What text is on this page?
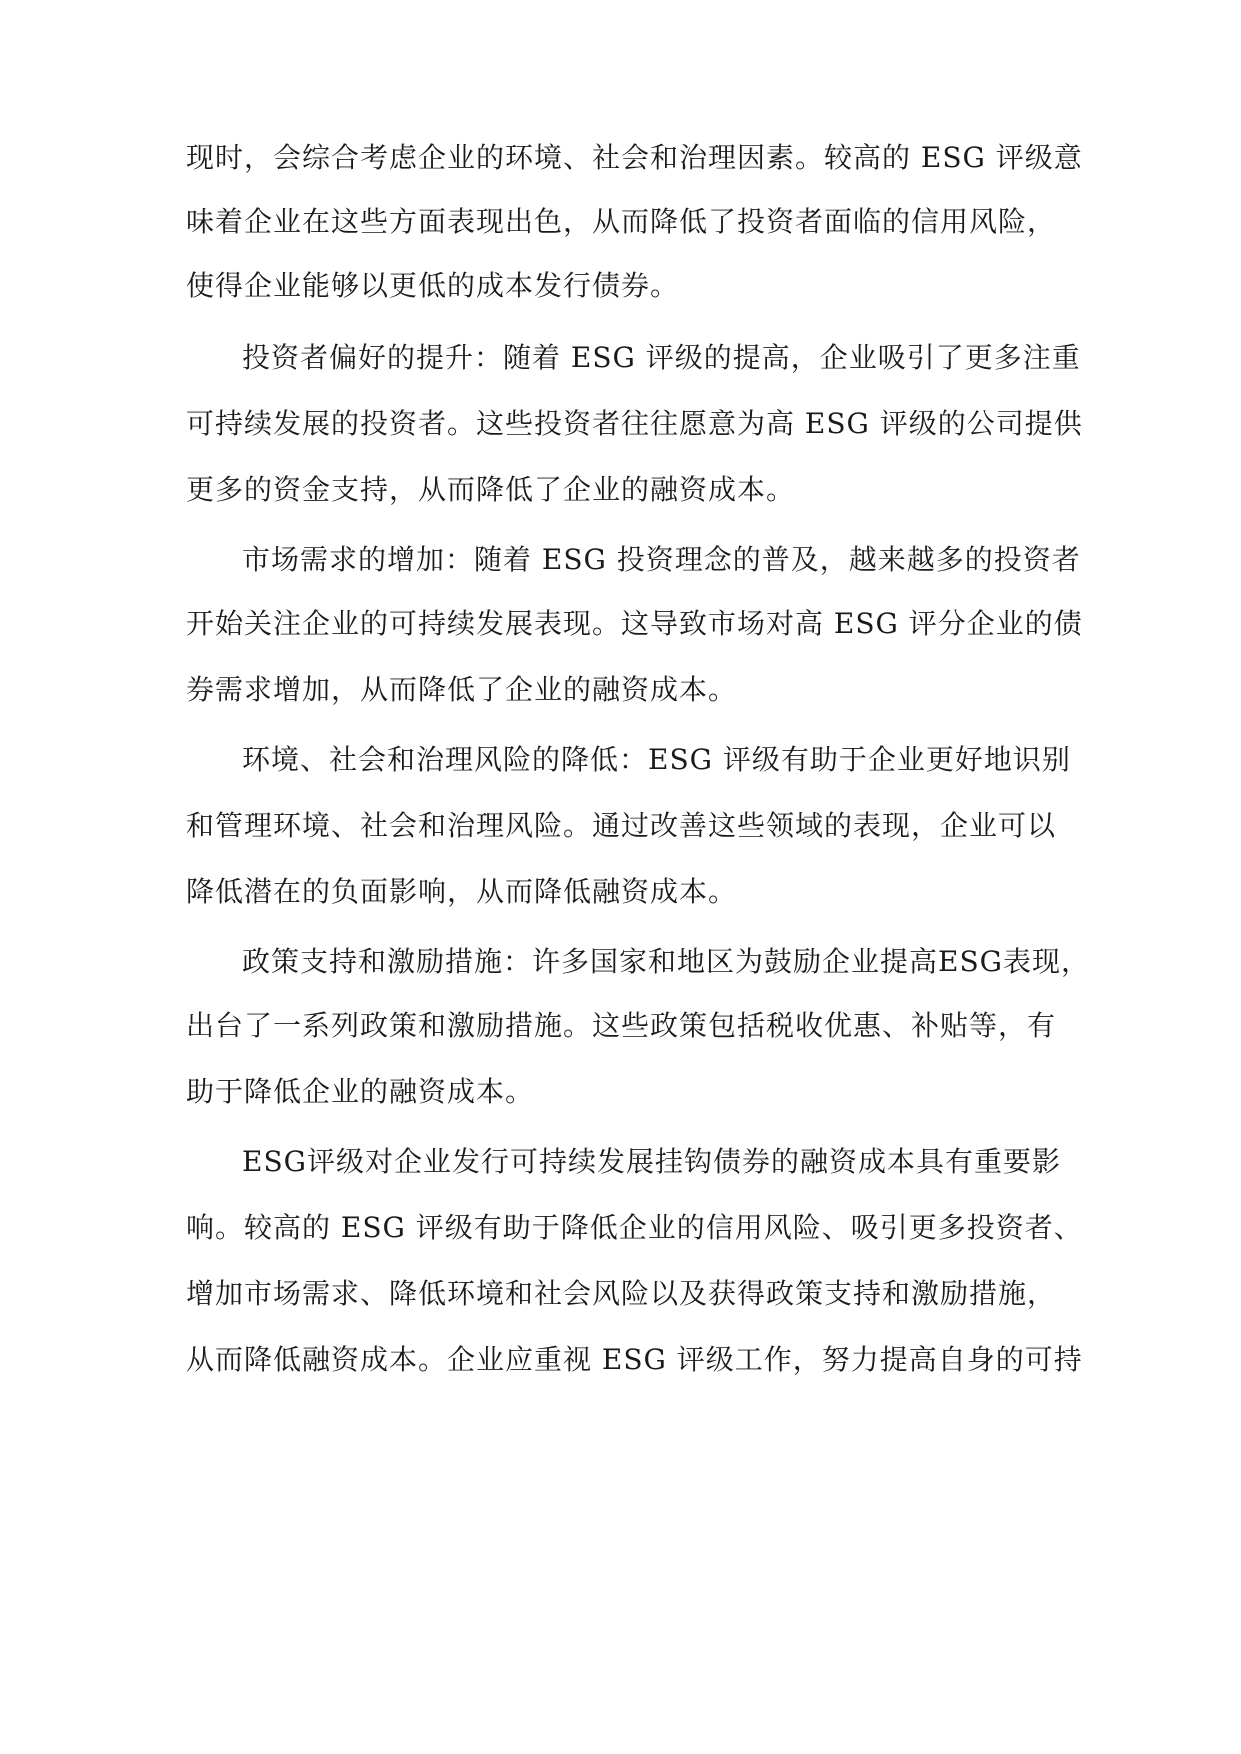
现时，会综合考虑企业的环境、社会和治理因素。较高的 ESG 评级意
味着企业在这些方面表现出色，从而降低了投资者面临的信用风险，
使得企业能够以更低的成本发行债券。
投资者偏好的提升：随着 ESG 评级的提高，企业吸引了更多注重
可持续发展的投资者。这些投资者往往愿意为高 ESG 评级的公司提供
更多的资金支持，从而降低了企业的融资成本。
市场需求的增加：随着 ESG 投资理念的普及，越来越多的投资者
开始关注企业的可持续发展表现。这导致市场对高 ESG 评分企业的债
券需求增加，从而降低了企业的融资成本。
环境、社会和治理风险的降低：ESG 评级有助于企业更好地识别
和管理环境、社会和治理风险。通过改善这些领域的表现，企业可以
降低潜在的负面影响，从而降低融资成本。
政策支持和激励措施：许多国家和地区为鼓励企业提高ESG表现，
出台了一系列政策和激励措施。这些政策包括税收优惠、补贴等，有
助于降低企业的融资成本。
ESG评级对企业发行可持续发展挂钩债券的融资成本具有重要影
响。较高的 ESG 评级有助于降低企业的信用风险、吸引更多投资者、
增加市场需求、降低环境和社会风险以及获得政策支持和激励措施，
从而降低融资成本。企业应重视 ESG 评级工作，努力提高自身的可持
